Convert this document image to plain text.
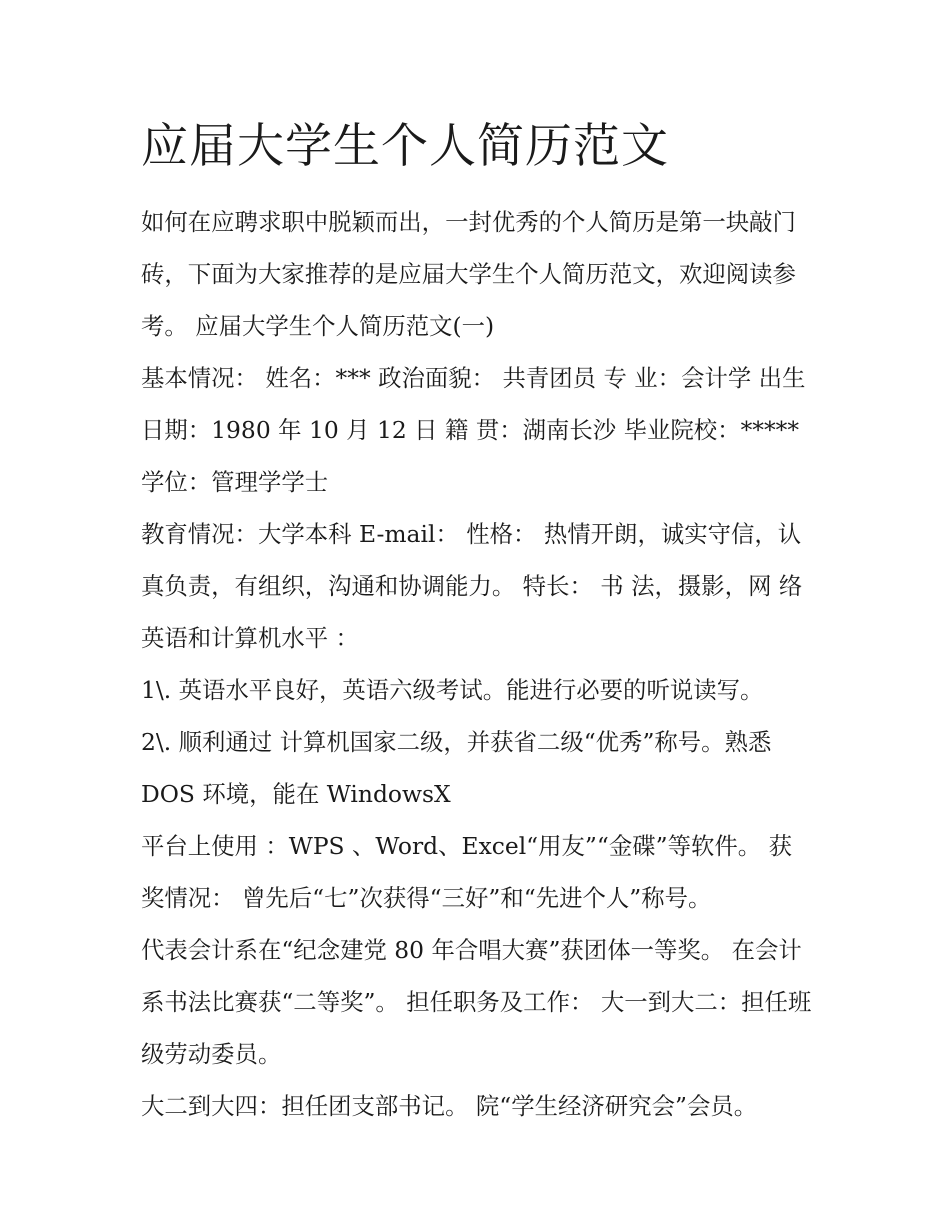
应届大学生个人简历范文

如何在应聘求职中脱颖而出，一封优秀的个人简历是第一块敲门砖，下面为大家推荐的是应届大学生个人简历范文，欢迎阅读参考。 应届大学生个人简历范文(一)

基本情况： 姓名：*** 政治面貌： 共青团员 专 业：会计学 出生日期：1980 年 10 月 12 日 籍 贯：湖南长沙 毕业院校：*****学位：管理学学士

教育情况：大学本科 E-mail： 性格： 热情开朗，诚实守信，认真负责，有组织，沟通和协调能力。 特长： 书 法，摄影，网 络 英语和计算机水平 ：

1\. 英语水平良好，英语六级考试。能进行必要的听说读写。

2\. 顺利通过 计算机国家二级，并获省二级“优秀”称号。熟悉 DOS 环境，能在 WindowsX

平台上使用 ：WPS 、Word、Excel“用友”“金碟”等软件。 获奖情况： 曾先后“七”次获得“三好”和“先进个人”称号。

代表会计系在“纪念建党 80 年合唱大赛”获团体一等奖。 在会计系书法比赛获“二等奖”。 担任职务及工作： 大一到大二：担任班级劳动委员。

大二到大四：担任团支部书记。 院“学生经济研究会”会员。
